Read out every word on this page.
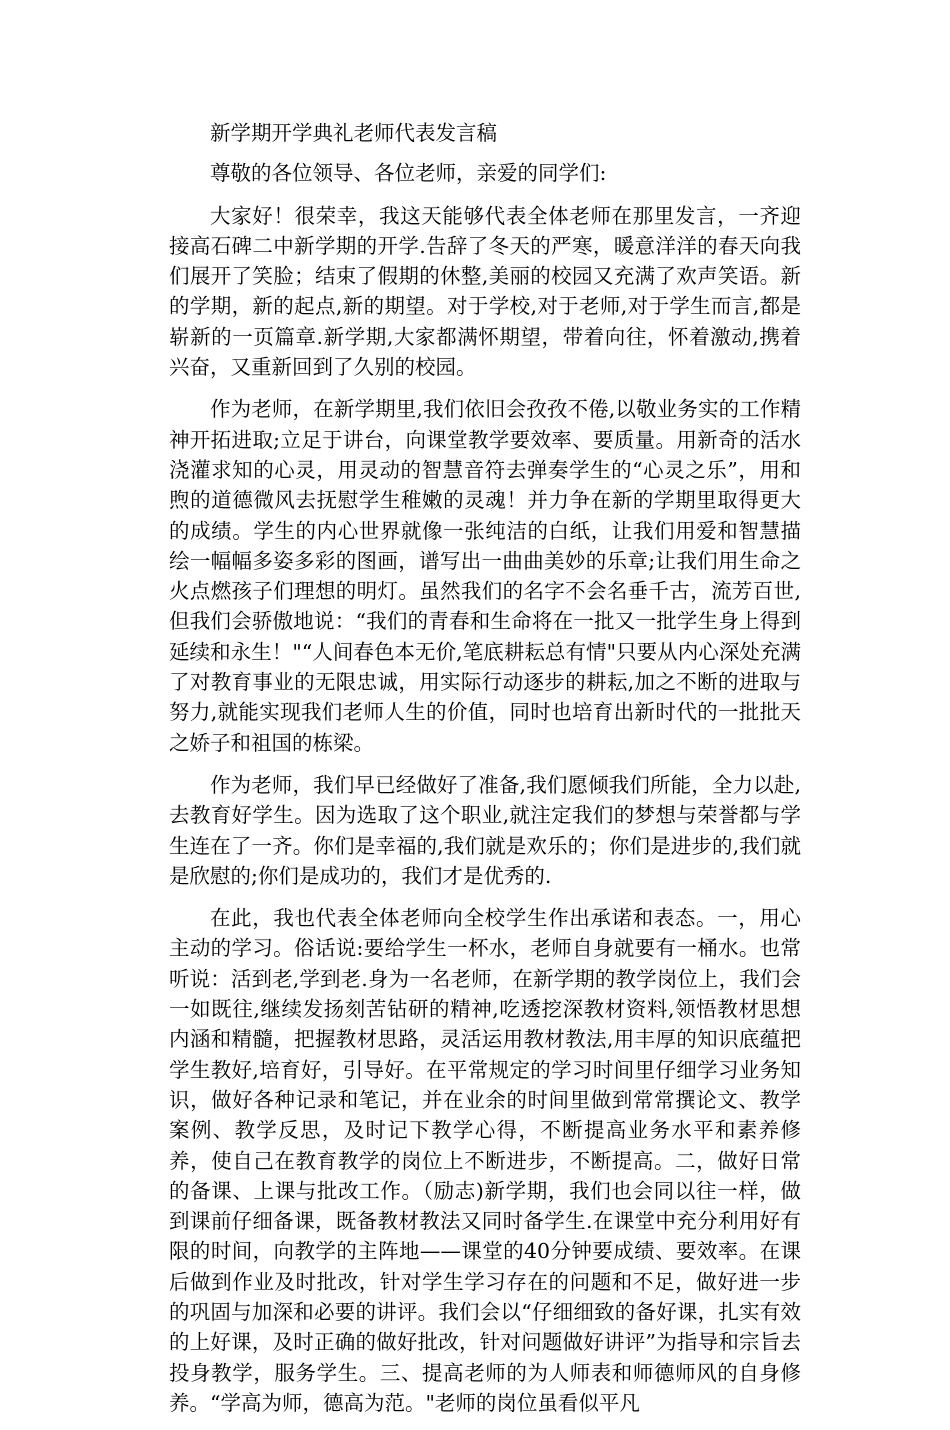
新学期开学典礼老师代表发言稿

尊敬的各位领导、各位老师，亲爱的同学们:

大家好！很荣幸，我这天能够代表全体老师在那里发言，一齐迎接高石碑二中新学期的开学.告辞了冬天的严寒，暖意洋洋的春天向我们展开了笑脸；结束了假期的休整,美丽的校园又充满了欢声笑语。新的学期，新的起点,新的期望。对于学校,对于老师,对于学生而言,都是崭新的一页篇章.新学期,大家都满怀期望，带着向往，怀着激动,携着兴奋，又重新回到了久别的校园。

作为老师，在新学期里,我们依旧会孜孜不倦,以敬业务实的工作精神开拓进取;立足于讲台，向课堂教学要效率、要质量。用新奇的活水浇灌求知的心灵，用灵动的智慧音符去弹奏学生的“心灵之乐”，用和煦的道德微风去抚慰学生稚嫩的灵魂！并力争在新的学期里取得更大的成绩。学生的内心世界就像一张纯洁的白纸，让我们用爱和智慧描绘一幅幅多姿多彩的图画，谱写出一曲曲美妙的乐章;让我们用生命之火点燃孩子们理想的明灯。虽然我们的名字不会名垂千古，流芳百世,但我们会骄傲地说：“我们的青春和生命将在一批又一批学生身上得到延续和永生！"“人间春色本无价,笔底耕耘总有情"只要从内心深处充满了对教育事业的无限忠诚，用实际行动逐步的耕耘,加之不断的进取与努力,就能实现我们老师人生的价值，同时也培育出新时代的一批批天之娇子和祖国的栋梁。

作为老师，我们早已经做好了准备,我们愿倾我们所能，全力以赴,去教育好学生。因为选取了这个职业,就注定我们的梦想与荣誉都与学生连在了一齐。你们是幸福的,我们就是欢乐的；你们是进步的,我们就是欣慰的;你们是成功的，我们才是优秀的.

在此，我也代表全体老师向全校学生作出承诺和表态。一，用心主动的学习。俗话说:要给学生一杯水，老师自身就要有一桶水。也常听说：活到老,学到老.身为一名老师，在新学期的教学岗位上，我们会一如既往,继续发扬刻苦钻研的精神,吃透挖深教材资料,领悟教材思想内涵和精髓，把握教材思路，灵活运用教材教法,用丰厚的知识底蕴把学生教好,培育好，引导好。在平常规定的学习时间里仔细学习业务知识，做好各种记录和笔记，并在业余的时间里做到常常撰论文、教学案例、教学反思，及时记下教学心得，不断提高业务水平和素养修养，使自己在教育教学的岗位上不断进步，不断提高。二，做好日常的备课、上课与批改工作。（励志)新学期，我们也会同以往一样，做到课前仔细备课，既备教材教法又同时备学生.在课堂中充分利用好有限的时间，向教学的主阵地——课堂的40分钟要成绩、要效率。在课后做到作业及时批改，针对学生学习存在的问题和不足，做好进一步的巩固与加深和必要的讲评。我们会以“仔细细致的备好课，扎实有效的上好课，及时正确的做好批改，针对问题做好讲评”为指导和宗旨去投身教学，服务学生。三、提高老师的为人师表和师德师风的自身修养。“学高为师，德高为范。"老师的岗位虽看似平凡
